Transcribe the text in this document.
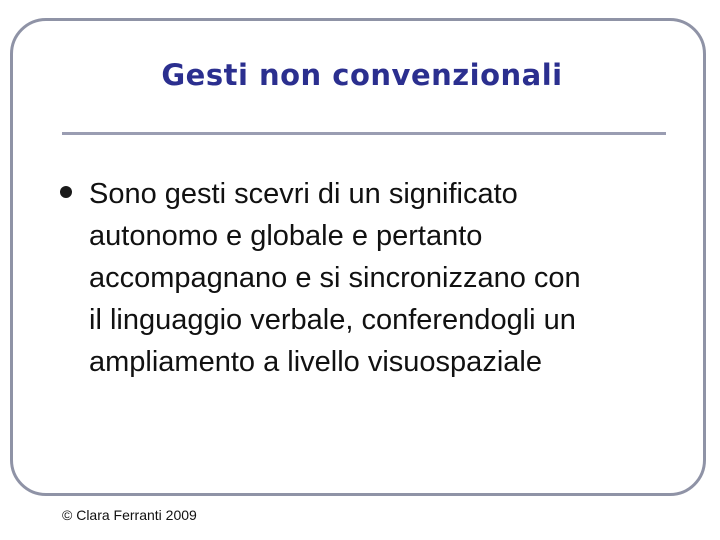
Gesti non convenzionali
Sono gesti scevri di un significato
autonomo e globale e pertanto
accompagnano e si sincronizzano con
il linguaggio verbale, conferendogli un
ampliamento a livello visuospaziale
© Clara Ferranti 2009
